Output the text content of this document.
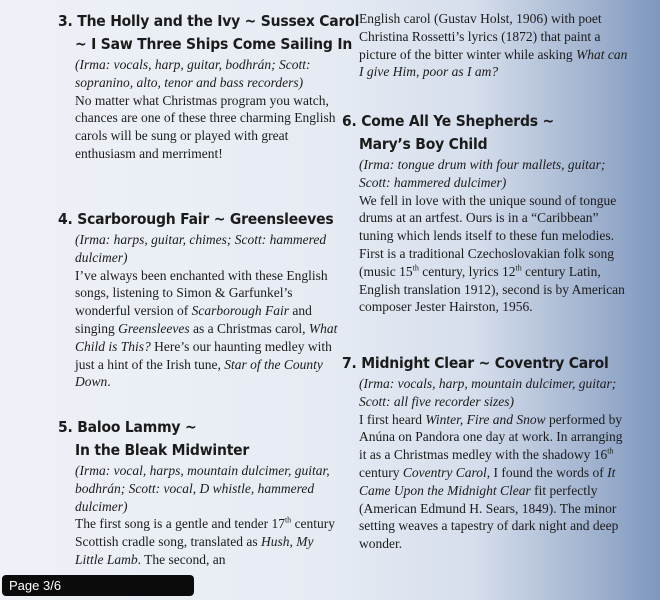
3. The Holly and the Ivy ~ Sussex Carol
~ I Saw Three Ships Come Sailing In
(Irma: vocals, harp, guitar, bodhrán; Scott: sopranino, alto, tenor and bass recorders)
No matter what Christmas program you watch, chances are one of these three charming English carols will be sung or played with great enthusiasm and merriment!
4. Scarborough Fair ~ Greensleeves
(Irma: harps, guitar, chimes; Scott: hammered dulcimer)
I’ve always been enchanted with these English songs, listening to Simon & Garfunkel’s wonderful version of Scarborough Fair and singing Greensleeves as a Christmas carol, What Child is This? Here’s our haunting medley with just a hint of the Irish tune, Star of the County Down.
5. Baloo Lammy ~
In the Bleak Midwinter
(Irma: vocal, harps, mountain dulcimer, guitar, bodhrán; Scott: vocal, D whistle, hammered dulcimer)
The first song is a gentle and tender 17th century Scottish cradle song, translated as Hush, My Little Lamb. The second, an
English carol (Gustav Holst, 1906) with poet Christina Rossetti’s lyrics (1872) that paint a picture of the bitter winter while asking What can I give Him, poor as I am?
6. Come All Ye Shepherds ~
Mary’s Boy Child
(Irma: tongue drum with four mallets, guitar; Scott: hammered dulcimer)
We fell in love with the unique sound of tongue drums at an artfest. Ours is in a “Caribbean” tuning which lends itself to these fun melodies. First is a traditional Czechoslovakian folk song (music 15th century, lyrics 12th century Latin, English translation 1912), second is by American composer Jester Hairston, 1956.
7. Midnight Clear ~ Coventry Carol
(Irma: vocals, harp, mountain dulcimer, guitar; Scott: all five recorder sizes)
I first heard Winter, Fire and Snow performed by Anúna on Pandora one day at work. In arranging it as a Christmas medley with the shadowy 16th century Coventry Carol, I found the words of It Came Upon the Midnight Clear fit perfectly (American Edmund H. Sears, 1849). The minor setting weaves a tapestry of dark night and deep wonder.
Page 3/6
